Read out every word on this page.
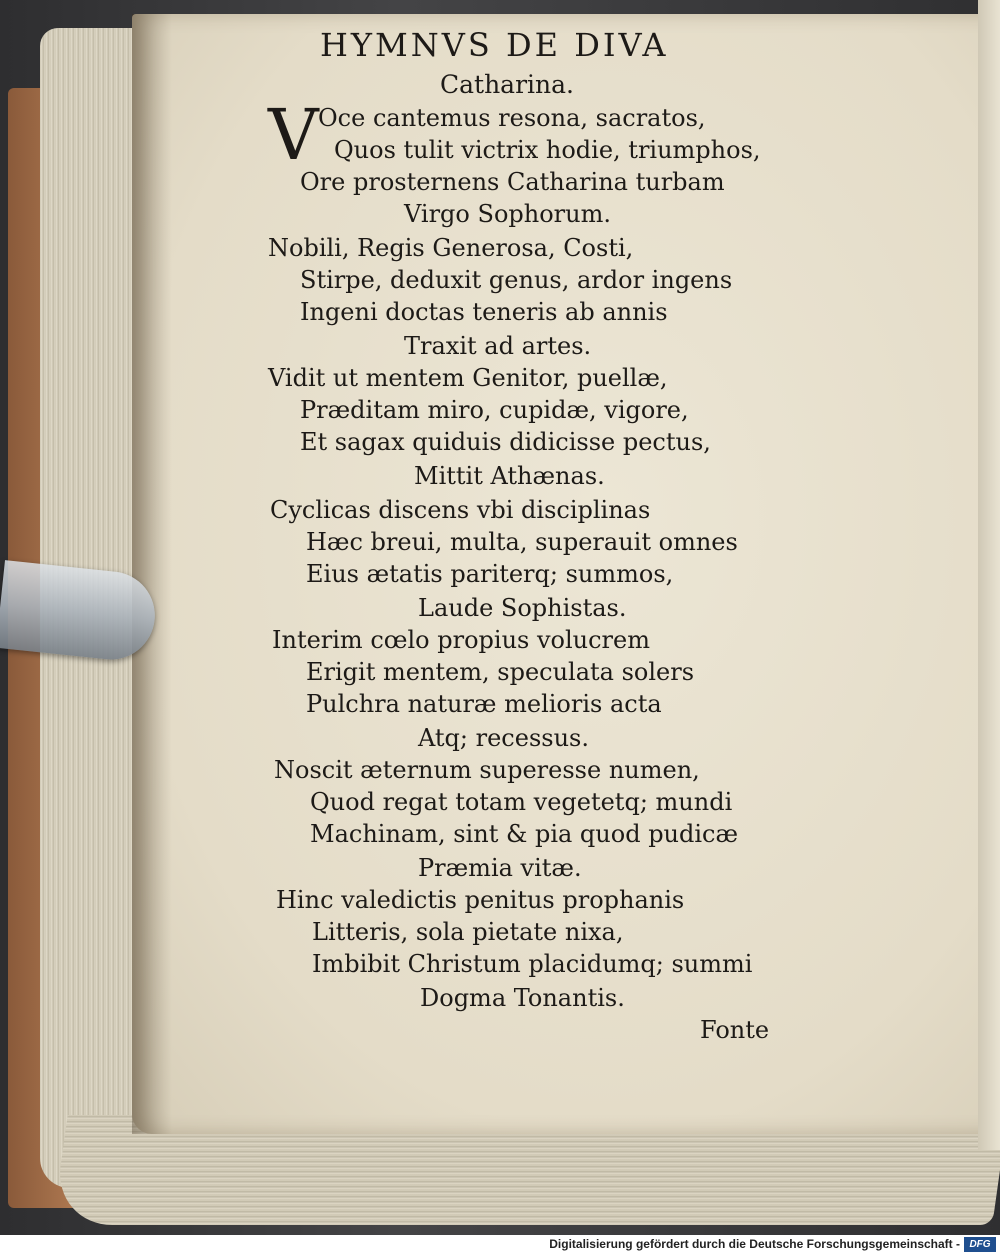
HYMNVS DE DIVA
Catharina.
V Oce cantemus resona, sacratos,
Quos tulit victrix hodie, triumphos,
Ore prosternens Catharina turbam
Virgo Sophorum.
Nobili, Regis Generosa, Costi,
Stirpe, deduxit genus, ardor ingens
Ingeni doctas teneris ab annis
Traxit ad artes.
Vidit ut mentem Genitor, puellæ,
Præditam miro, cupidæ, vigore,
Et sagax quiduis didicisse pectus,
Mittit Athænas.
Cyclicas discens vbi disciplinas
Hæc breui, multa, superauit omnes
Eius ætatis pariterq; summos,
Laude Sophistas.
Interim cœlo propius volucrem
Erigit mentem, speculata solers
Pulchra naturæ melioris acta
Atq; recessus.
Noscit æternum superesse numen,
Quod regat totam vegetetq; mundi
Machinam, sint & pia quod pudicæ
Præmia vitæ.
Hinc valedictis penitus prophanis
Litteris, sola pietate nixa,
Imbibit Christum placidumq; summi
Dogma Tonantis.
Fonte
Digitalisierung gefördert durch die Deutsche Forschungsgemeinschaft - DFG
